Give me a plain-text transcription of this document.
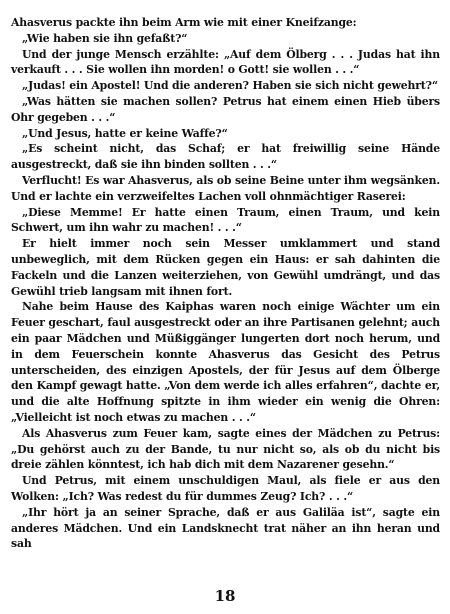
Ahasverus packte ihn beim Arm wie mit einer Kneifzange:

„Wie haben sie ihn gefaßt?“

Und der junge Mensch erzählte: „Auf dem Ölberg . . . Judas hat ihn verkauft . . . Sie wollen ihn morden! o Gott! sie wollen . . .“

„Judas! ein Apostel! Und die anderen? Haben sie sich nicht gewehrt?“

„Was hätten sie machen sollen? Petrus hat einem einen Hieb übers Ohr gegeben . . .“

„Und Jesus, hatte er keine Waffe?“

„Es scheint nicht, das Schaf; er hat freiwillig seine Hände ausgestreckt, daß sie ihn binden sollten . . .“

Verflucht! Es war Ahasverus, als ob seine Beine unter ihm wegsänken. Und er lachte ein verzweifeltes Lachen voll ohnmächtiger Raserei:

„Diese Memme! Er hatte einen Traum, einen Traum, und kein Schwert, um ihn wahr zu machen! . . .“

Er hielt immer noch sein Messer umklammert und stand unbeweglich, mit dem Rücken gegen ein Haus: er sah dahinten die Fackeln und die Lanzen weiterziehen, von Gewühl umdrängt, und das Gewühl trieb langsam mit ihnen fort.

Nahe beim Hause des Kaiphas waren noch einige Wächter um ein Feuer geschart, faul ausgestreckt oder an ihre Partisanen gelehnt; auch ein paar Mädchen und Müßiggänger lungerten dort noch herum, und in dem Feuerschein konnte Ahasverus das Gesicht des Petrus unterscheiden, des einzigen Apostels, der für Jesus auf dem Ölberge den Kampf gewagt hatte. „Von dem werde ich alles erfahren“, dachte er, und die alte Hoffnung spitzte in ihm wieder ein wenig die Ohren: „Vielleicht ist noch etwas zu machen . . .“

Als Ahasverus zum Feuer kam, sagte eines der Mädchen zu Petrus: „Du gehörst auch zu der Bande, tu nur nicht so, als ob du nicht bis dreie zählen könntest, ich hab dich mit dem Nazarener gesehn.“

Und Petrus, mit einem unschuldigen Maul, als fiele er aus den Wolken: „Ich? Was redest du für dummes Zeug? Ich? . . .“

„Ihr hört ja an seiner Sprache, daß er aus Galiläa ist“, sagte ein anderes Mädchen. Und ein Landsknecht trat näher an ihn heran und sah

18
